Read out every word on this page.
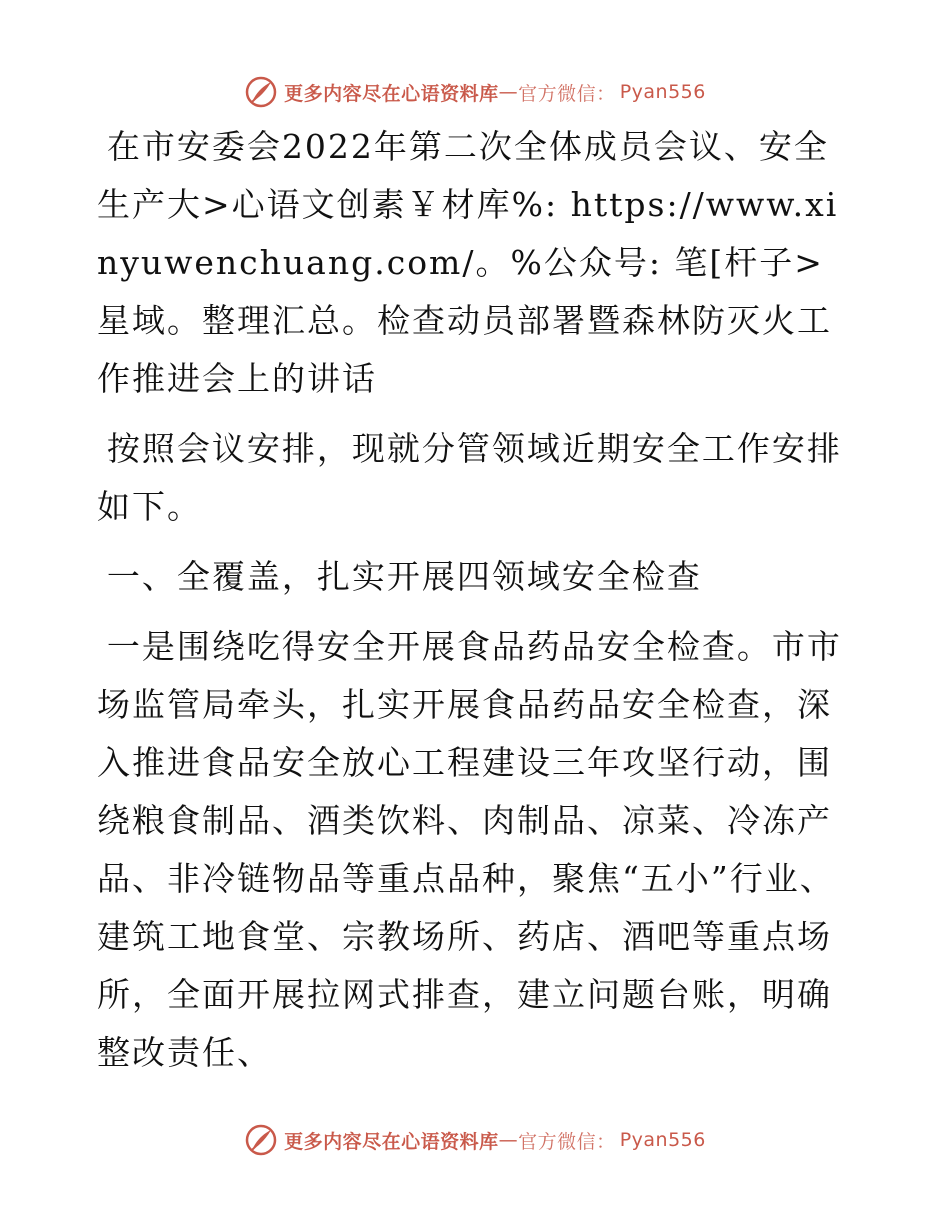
更多内容尽在心语资料库 — 官方微信： Pyan556

在市安委会2022年第二次全体成员会议、安全生产大>心语文创素￥材库%: https://www.xinyuwenchuang.com/。%公众号: 笔[杆子>星域。整理汇总。检查动员部署暨森林防灭火工作推进会上的讲话

按照会议安排，现就分管领域近期安全工作安排如下。

一、全覆盖，扎实开展四领域安全检查

一是围绕吃得安全开展食品药品安全检查。市市场监管局牵头，扎实开展食品药品安全检查，深入推进食品安全放心工程建设三年攻坚行动，围绕粮食制品、酒类饮料、肉制品、凉菜、冷冻产品、非冷链物品等重点品种，聚焦“五小”行业、建筑工地食堂、宗教场所、药店、酒吧等重点场所，全面开展拉网式排查，建立问题台账，明确整改责任、

更多内容尽在心语资料库 — 官方微信： Pyan556
